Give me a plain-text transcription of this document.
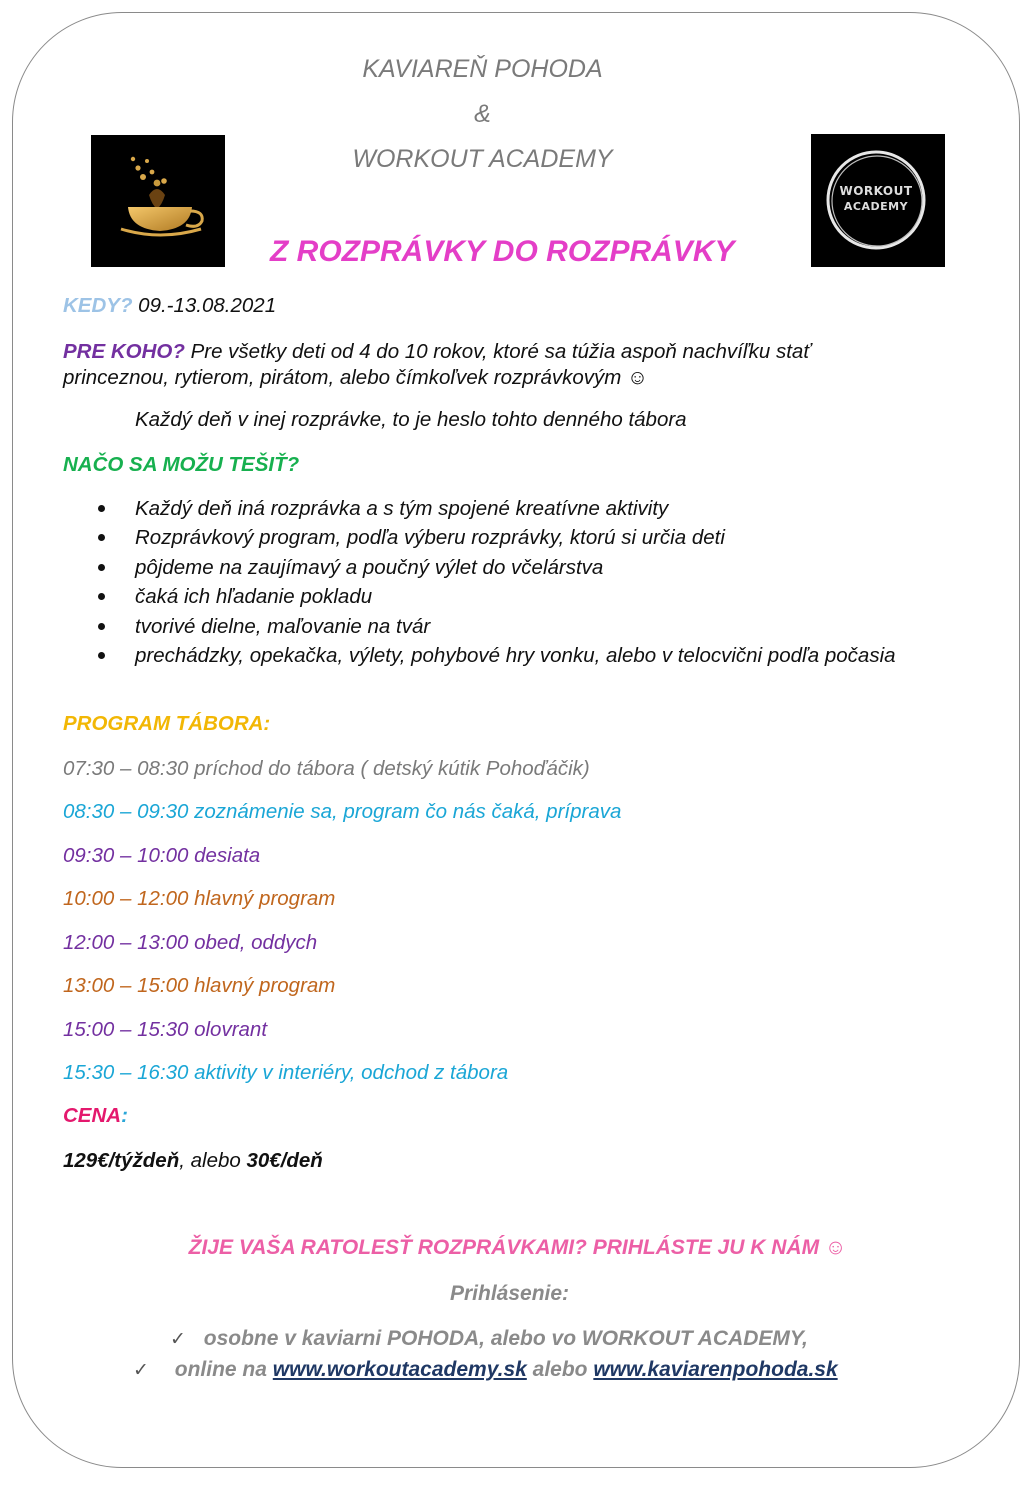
KAVIAREŇ POHODA
&
WORKOUT ACADEMY
WORKOUT
ACADEMY
Z ROZPRÁVKY DO ROZPRÁVKY
KEDY? 09.-13.08.2021
PRE KOHO? Pre všetky deti od 4 do 10 rokov, ktoré sa túžia aspoň nachvíľku stať
princeznou, rytierom, pirátom, alebo čímkoľvek rozprávkovým ☺
Každý deň v inej rozprávke, to je heslo tohto denného tábora
NAČO SA MOŽU TEŠIŤ?
Každý deň iná rozprávka a s tým spojené kreatívne aktivity
Rozprávkový program, podľa výberu rozprávky, ktorú si určia deti
pôjdeme na zaujímavý a poučný výlet do včelárstva
čaká ich hľadanie pokladu
tvorivé dielne, maľovanie na tvár
prechádzky, opekačka, výlety, pohybové hry vonku, alebo v telocvični podľa počasia
PROGRAM TÁBORA:
07:30 – 08:30 príchod do tábora ( detský kútik Pohoďáčik)
08:30 – 09:30 zoznámenie sa, program čo nás čaká, príprava
09:30 – 10:00 desiata
10:00 – 12:00 hlavný program
12:00 – 13:00 obed, oddych
13:00 – 15:00 hlavný program
15:00 – 15:30 olovrant
15:30 – 16:30 aktivity v interiéry, odchod z tábora
CENA:
129€/týždeň, alebo 30€/deň
ŽIJE VAŠA RATOLESŤ ROZPRÁVKAMI? PRIHLÁSTE JU K NÁM ☺
Prihlásenie:
✓ osobne v kaviarni POHODA, alebo vo WORKOUT ACADEMY,
✓ online na www.workoutacademy.sk alebo www.kaviarenpohoda.sk
